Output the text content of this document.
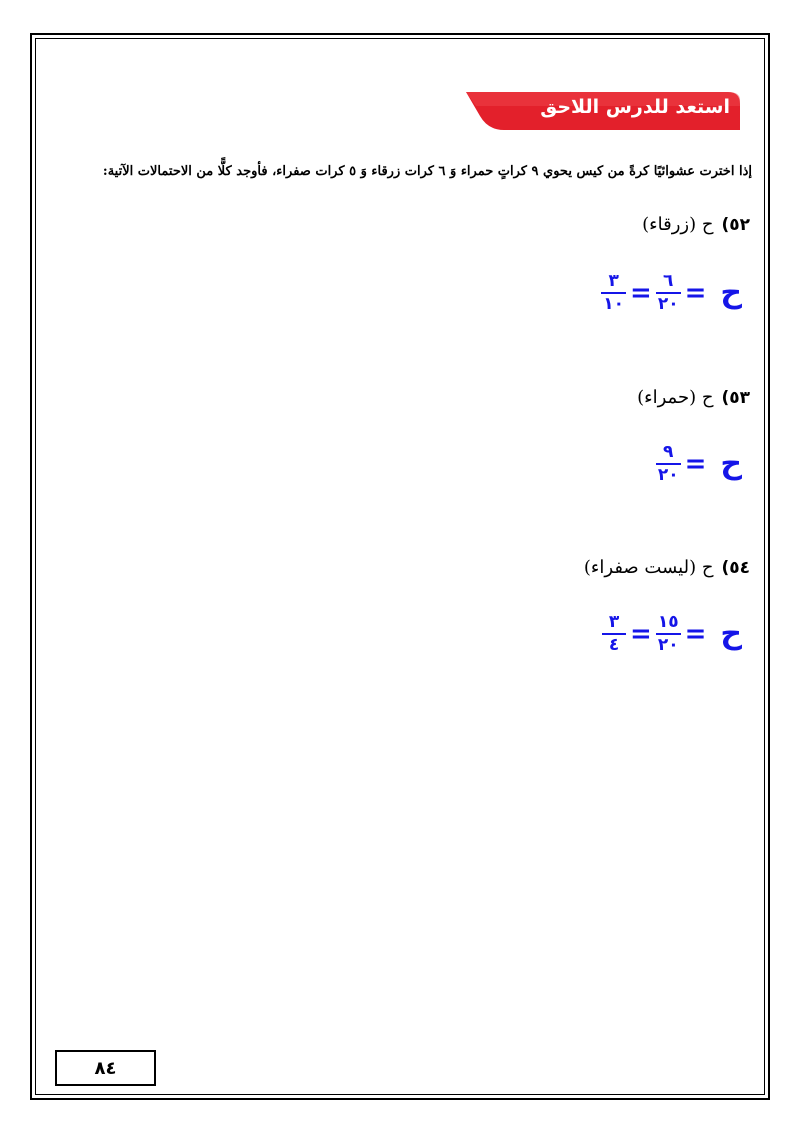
استعد للدرس اللاحق
إذا اخترت عشوائيًا كرةً من كيس يحوي ٩ كراتٍ حمراء وَ ٦ كرات زرقاء وَ ٥ كرات صفراء، فأوجد كلًّا من الاحتمالات الآتية:
٥٢)
ح (زرقاء)
ح
=
$\frac{٦}{٢٠}$
=
$\frac{٣}{١٠}$
٥٣)
ح (حمراء)
ح
=
$\frac{٩}{٢٠}$
٥٤)
ح (ليست صفراء)
ح
=
$\frac{١٥}{٢٠}$
=
$\frac{٣}{٤}$
٨٤
